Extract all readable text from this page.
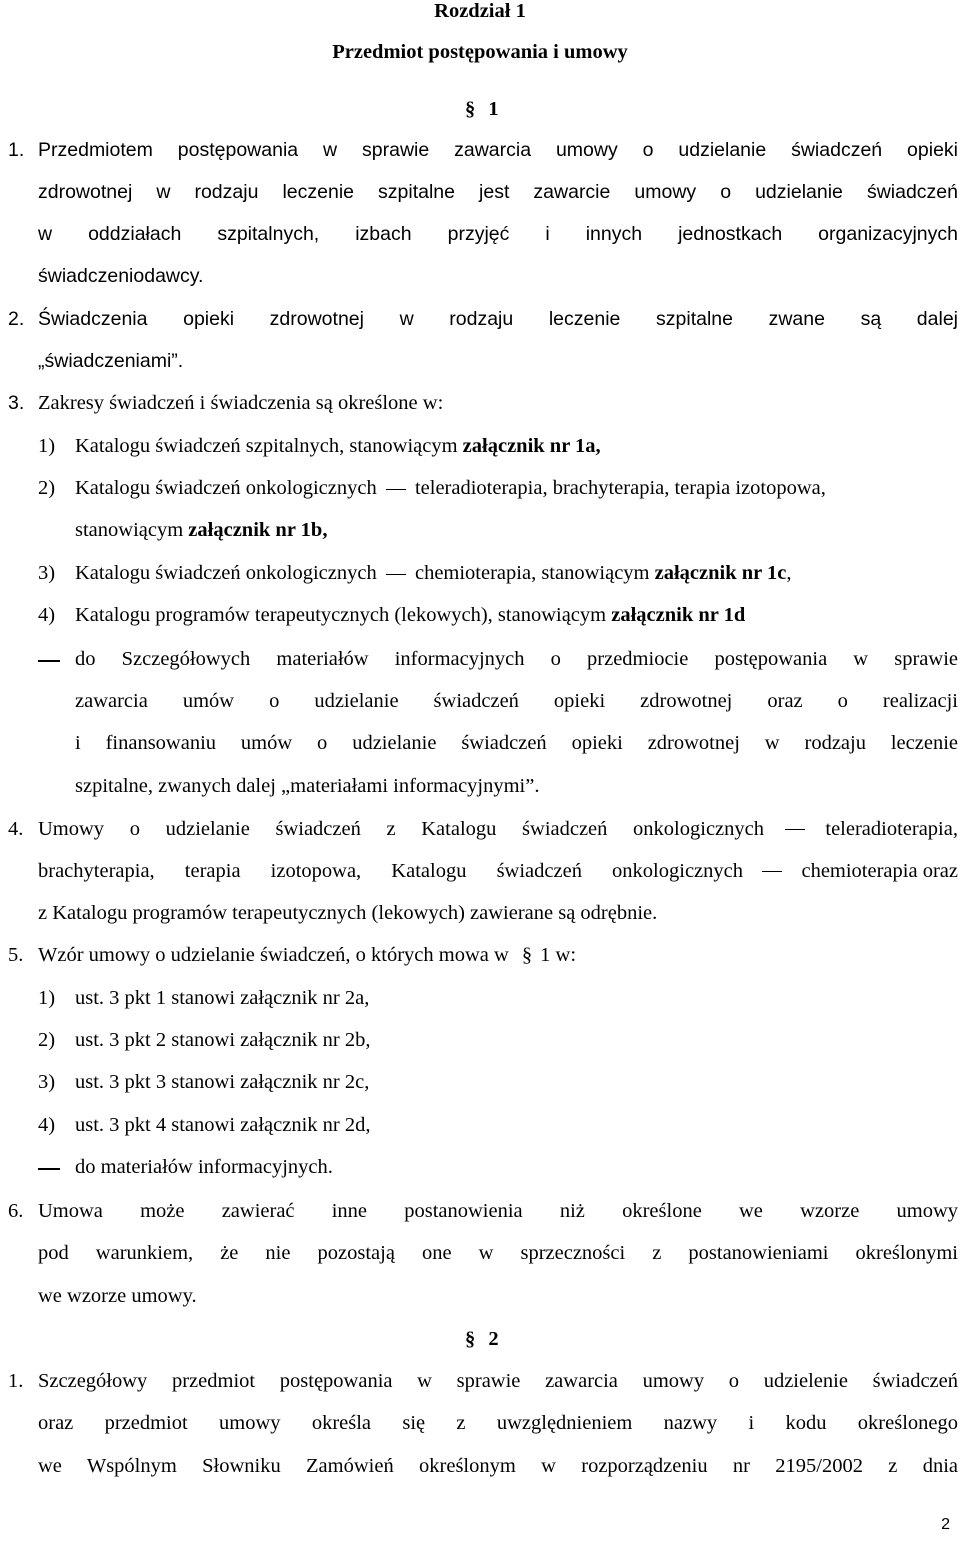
Rozdział 1
Przedmiot postępowania i umowy
§ 1
1. Przedmiotem postępowania w sprawie zawarcia umowy o udzielanie świadczeń opieki
zdrowotnej w rodzaju leczenie szpitalne jest zawarcie umowy o udzielanie świadczeń
w oddziałach szpitalnych, izbach przyjęć i innych jednostkach organizacyjnych
świadczeniodawcy.
2. Świadczenia opieki zdrowotnej w rodzaju leczenie szpitalne zwane są dalej
„świadczeniami”.
3. Zakresy świadczeń i świadczenia są określone w:
1) Katalogu świadczeń szpitalnych, stanowiącym załącznik nr 1a,
2) Katalogu świadczeń onkologicznych teleradioterapia, brachyterapia, terapia izotopowa,
stanowiącym załącznik nr 1b,
3) Katalogu świadczeń onkologicznych chemioterapia, stanowiącym załącznik nr 1c,
4) Katalogu programów terapeutycznych (lekowych), stanowiącym załącznik nr 1d
do Szczegółowych materiałów informacyjnych o przedmiocie postępowania w sprawie
zawarcia umów o udzielanie świadczeń opieki zdrowotnej oraz o realizacji
i finansowaniu umów o udzielanie świadczeń opieki zdrowotnej w rodzaju leczenie
szpitalne, zwanych dalej „materiałami informacyjnymi”.
4. Umowy o udzielanie świadczeń z Katalogu świadczeń onkologicznych	teleradioterapia,
brachyterapia, terapia izotopowa, Katalogu świadczeń onkologicznych	chemioterapia oraz
z Katalogu programów terapeutycznych (lekowych) zawierane są odrębnie.
5. Wzór umowy o udzielanie świadczeń, o których mowa w § 1 w:
1) ust. 3 pkt 1 stanowi załącznik nr 2a,
2) ust. 3 pkt 2 stanowi załącznik nr 2b,
3) ust. 3 pkt 3 stanowi załącznik nr 2c,
4) ust. 3 pkt 4 stanowi załącznik nr 2d,
do materiałów informacyjnych.
6. Umowa może zawierać inne postanowienia niż określone we wzorze umowy
pod warunkiem, że nie pozostają one w sprzeczności z postanowieniami określonymi
we wzorze umowy.
§ 2
1. Szczegółowy przedmiot postępowania w sprawie zawarcia umowy o udzielenie świadczeń
oraz przedmiot umowy określa się z uwzględnieniem nazwy i kodu określonego
we Wspólnym Słowniku Zamówień określonym w rozporządzeniu nr 2195/2002 z dnia
2
